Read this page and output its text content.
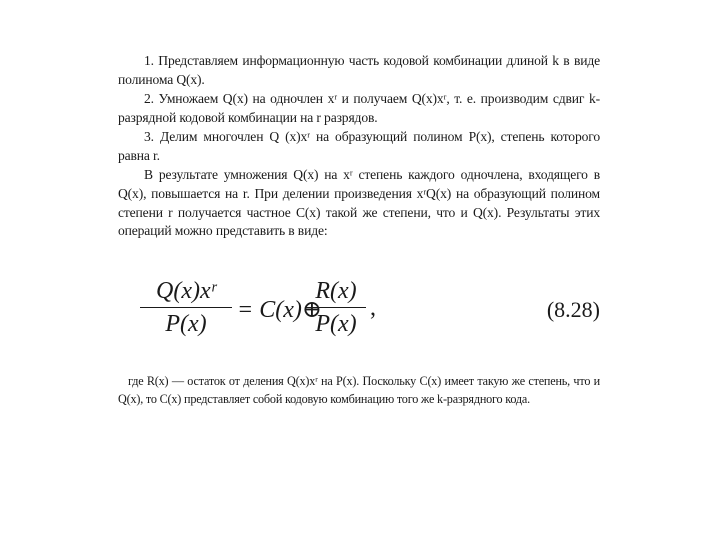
1. Представляем информационную часть кодовой комбинации длиной k в виде полинома Q(x).

2. Умножаем Q(x) на одночлен xʳ и получаем Q(x)xʳ, т. е. производим сдвиг k-разрядной кодовой комбинации на r разрядов.

3. Делим многочлен Q (x)xʳ на образующий полином P(x), степень которого равна r.

В результате умножения Q(x) на xʳ степень каждого одночлена, входящего в Q(x), повышается на r. При делении произведения xʳQ(x) на образующий полином степени r получается частное C(x) такой же степени, что и Q(x). Результаты этих операций можно представить в виде:

Q(x)xʳ
P(x)
= C(x)⊕
R(x)
P(x)
,	(8.28)

где R(x) — остаток от деления Q(x)xʳ на P(x). Поскольку C(x) имеет такую же степень, что и Q(x), то C(x) представляет собой кодовую комбинацию того же k-разрядного кода.
